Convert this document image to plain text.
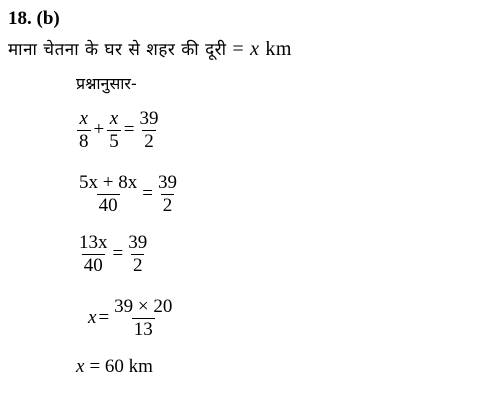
18. (b)
माना चेतना के घर से शहर की दूरी = x km
प्रश्नानुसार-
$\frac{x}{8} + \frac{x}{5} = \frac{39}{2}$
$\frac{5x + 8x}{40} = \frac{39}{2}$
$\frac{13x}{40} = \frac{39}{2}$
$x = \frac{39 \times 20}{13}$
x = 60 km
